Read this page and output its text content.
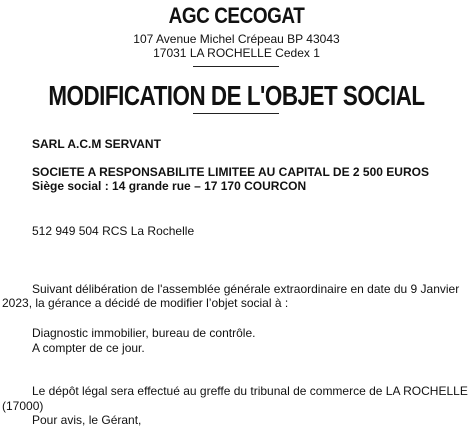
AGC CECOGAT
107 Avenue Michel Crépeau BP 43043
17031 LA ROCHELLE Cedex 1
MODIFICATION DE L'OBJET SOCIAL
SARL A.C.M SERVANT
SOCIETE A RESPONSABILITE LIMITEE AU CAPITAL DE 2 500 EUROS
Siège social : 14 grande rue – 17 170 COURCON
512 949 504 RCS La Rochelle
Suivant délibération de l'assemblée générale extraordinaire en date du 9 Janvier
2023, la gérance a décidé de modifier l’objet social à :
Diagnostic immobilier, bureau de contrôle.
A compter de ce jour.
Le dépôt légal sera effectué au greffe du tribunal de commerce de LA ROCHELLE
(17000)
Pour avis, le Gérant,
